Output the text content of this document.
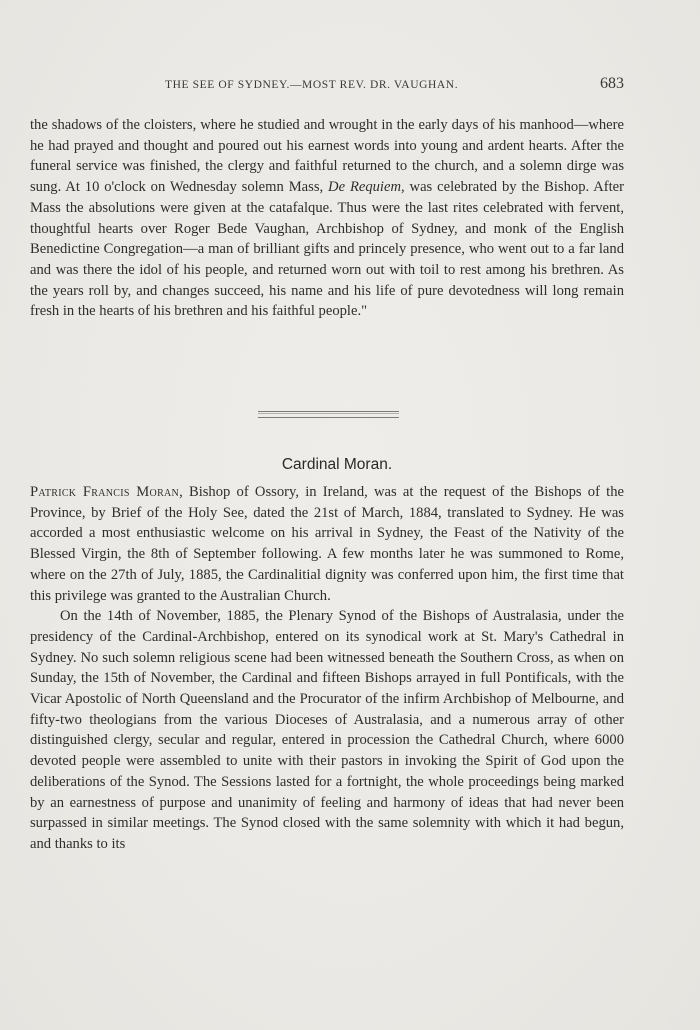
THE SEE OF SYDNEY.—MOST REV. DR. VAUGHAN.	683

the shadows of the cloisters, where he studied and wrought in the early days of his manhood—where he had prayed and thought and poured out his earnest words into young and ardent hearts. After the funeral service was finished, the clergy and faithful returned to the church, and a solemn dirge was sung. At 10 o'clock on Wednesday solemn Mass, De Requiem, was celebrated by the Bishop. After Mass the absolutions were given at the catafalque. Thus were the last rites celebrated with fervent, thoughtful hearts over Roger Bede Vaughan, Archbishop of Sydney, and monk of the English Benedictine Congregation—a man of brilliant gifts and princely presence, who went out to a far land and was there the idol of his people, and returned worn out with toil to rest among his brethren. As the years roll by, and changes succeed, his name and his life of pure devotedness will long remain fresh in the hearts of his brethren and his faithful people."

Cardinal Moran.

Patrick Francis Moran, Bishop of Ossory, in Ireland, was at the request of the Bishops of the Province, by Brief of the Holy See, dated the 21st of March, 1884, translated to Sydney. He was accorded a most enthusiastic welcome on his arrival in Sydney, the Feast of the Nativity of the Blessed Virgin, the 8th of September following. A few months later he was summoned to Rome, where on the 27th of July, 1885, the Cardinalitial dignity was conferred upon him, the first time that this privilege was granted to the Australian Church.

On the 14th of November, 1885, the Plenary Synod of the Bishops of Australasia, under the presidency of the Cardinal-Archbishop, entered on its synodical work at St. Mary's Cathedral in Sydney. No such solemn religious scene had been witnessed beneath the Southern Cross, as when on Sunday, the 15th of November, the Cardinal and fifteen Bishops arrayed in full Pontificals, with the Vicar Apostolic of North Queensland and the Procurator of the infirm Archbishop of Melbourne, and fifty-two theologians from the various Dioceses of Australasia, and a numerous array of other distinguished clergy, secular and regular, entered in procession the Cathedral Church, where 6000 devoted people were assembled to unite with their pastors in invoking the Spirit of God upon the deliberations of the Synod. The Sessions lasted for a fortnight, the whole proceedings being marked by an earnestness of purpose and unanimity of feeling and harmony of ideas that had never been surpassed in similar meetings. The Synod closed with the same solemnity with which it had begun, and thanks to its
